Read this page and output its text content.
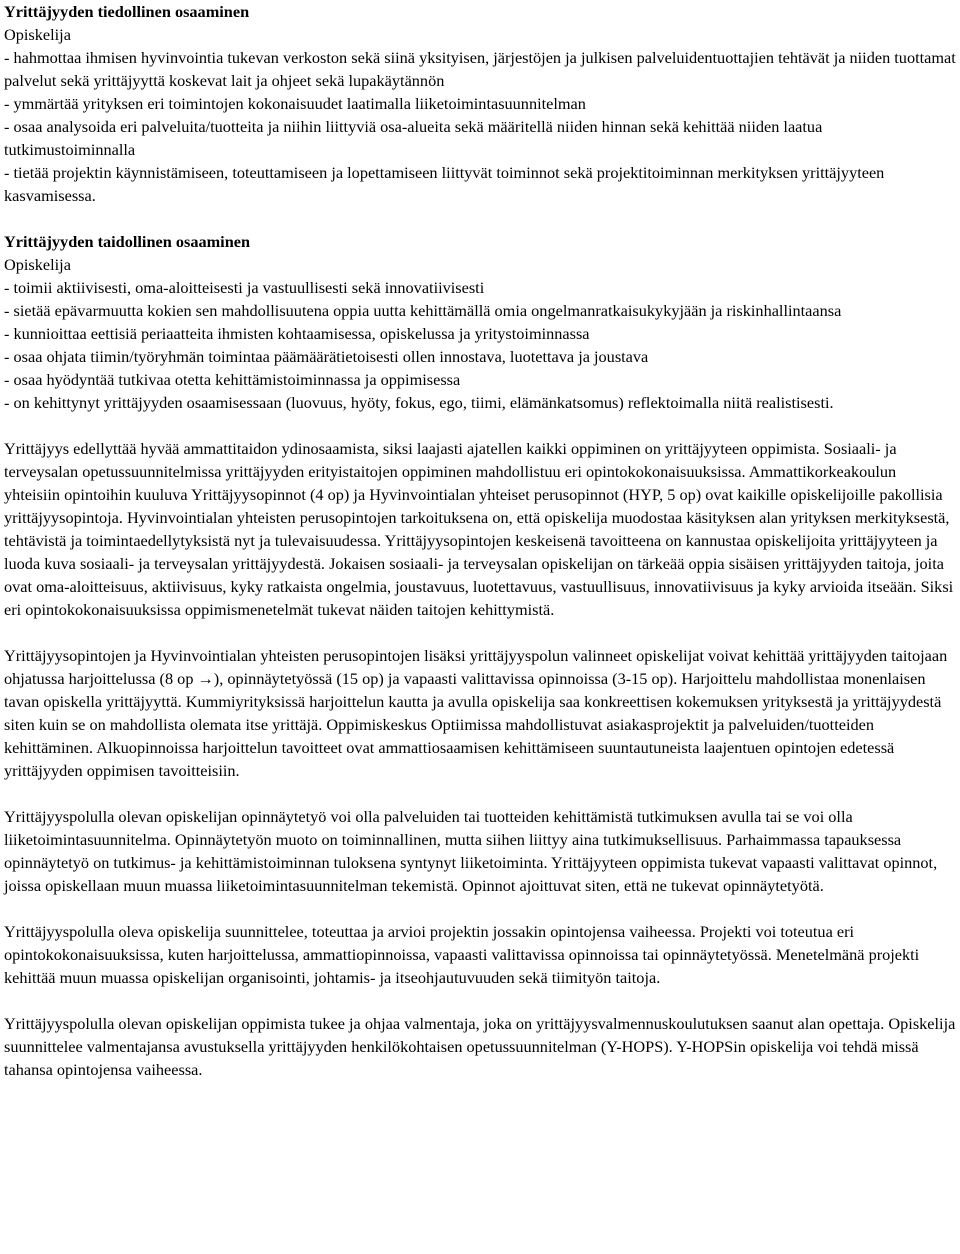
Yrittäjyyden tiedollinen osaaminen

Opiskelija

- hahmottaa ihmisen hyvinvointia tukevan verkoston sekä siinä yksityisen, järjestöjen ja julkisen palveluidentuottajien tehtävät ja niiden tuottamat palvelut sekä yrittäjyyttä koskevat lait ja ohjeet sekä lupakäytännön

- ymmärtää yrityksen eri toimintojen kokonaisuudet laatimalla liiketoimintasuunnitelman

- osaa analysoida eri palveluita/tuotteita ja niihin liittyviä osa-alueita sekä määritellä niiden hinnan sekä kehittää niiden laatua tutkimustoiminnalla

- tietää projektin käynnistämiseen, toteuttamiseen ja lopettamiseen liittyvät toiminnot sekä projektitoiminnan merkityksen yrittäjyyteen kasvamisessa.

Yrittäjyyden taidollinen osaaminen

Opiskelija

- toimii aktiivisesti, oma-aloitteisesti ja vastuullisesti sekä innovatiivisesti

- sietää epävarmuutta kokien sen mahdollisuutena oppia uutta kehittämällä omia ongelmanratkaisukykyjään ja riskinhallintaansa

- kunnioittaa eettisiä periaatteita ihmisten kohtaamisessa, opiskelussa ja yritystoiminnassa

- osaa ohjata tiimin/työryhmän toimintaa päämäärätietoisesti ollen innostava, luotettava ja joustava

- osaa hyödyntää tutkivaa otetta kehittämistoiminnassa ja oppimisessa

- on kehittynyt yrittäjyyden osaamisessaan (luovuus, hyöty, fokus, ego, tiimi, elämänkatsomus) reflektoimalla niitä realistisesti.

Yrittäjyys edellyttää hyvää ammattitaidon ydinosaamista, siksi laajasti ajatellen kaikki oppiminen on yrittäjyyteen oppimista. Sosiaali- ja terveysalan opetussuunnitelmissa yrittäjyyden erityistaitojen oppiminen mahdollistuu eri opintokokonaisuuksissa. Ammattikorkeakoulun yhteisiin opintoihin kuuluva Yrittäjyysopinnot (4 op) ja Hyvinvointialan yhteiset perusopinnot (HYP, 5 op) ovat kaikille opiskelijoille pakollisia yrittäjyysopintoja. Hyvinvointialan yhteisten perusopintojen tarkoituksena on, että opiskelija muodostaa käsityksen alan yrityksen merkityksestä, tehtävistä ja toimintaedellytyksistä nyt ja tulevaisuudessa. Yrittäjyysopintojen keskeisenä tavoitteena on kannustaa opiskelijoita yrittäjyyteen ja luoda kuva sosiaali- ja terveysalan yrittäjyydestä. Jokaisen sosiaali- ja terveysalan opiskelijan on tärkeää oppia sisäisen yrittäjyyden taitoja, joita ovat oma-aloitteisuus, aktiivisuus, kyky ratkaista ongelmia, joustavuus, luotettavuus, vastuullisuus, innovatiivisuus ja kyky arvioida itseään. Siksi eri opintokokonaisuuksissa oppimismenetelmät tukevat näiden taitojen kehittymistä.

Yrittäjyysopintojen ja Hyvinvointialan yhteisten perusopintojen lisäksi yrittäjyyspolun valinneet opiskelijat voivat kehittää yrittäjyyden taitojaan ohjatussa harjoittelussa (8 op →), opinnäytetyössä (15 op) ja vapaasti valittavissa opinnoissa (3-15 op). Harjoittelu mahdollistaa monenlaisen tavan opiskella yrittäjyyttä. Kummiyrityksissä harjoittelun kautta ja avulla opiskelija saa konkreettisen kokemuksen yrityksestä ja yrittäjyydestä siten kuin se on mahdollista olemata itse yrittäjä. Oppimiskeskus Optiimissa mahdollistuvat asiakasprojektit ja palveluiden/tuotteiden kehittäminen. Alkuopinnoissa harjoittelun tavoitteet ovat ammattiosaamisen kehittämiseen suuntautuneista laajentuen opintojen edetessä yrittäjyyden oppimisen tavoitteisiin.

Yrittäjyyspolulla olevan opiskelijan opinnäytetyö voi olla palveluiden tai tuotteiden kehittämistä tutkimuksen avulla tai se voi olla liiketoimintasuunnitelma. Opinnäytetyön muoto on toiminnallinen, mutta siihen liittyy aina tutkimuksellisuus. Parhaimmassa tapauksessa opinnäytetyö on tutkimus- ja kehittämistoiminnan tuloksena syntynyt liiketoiminta. Yrittäjyyteen oppimista tukevat vapaasti valittavat opinnot, joissa opiskellaan muun muassa liiketoimintasuunnitelman tekemistä. Opinnot ajoittuvat siten, että ne tukevat opinnäytetyötä.

Yrittäjyyspolulla oleva opiskelija suunnittelee, toteuttaa ja arvioi projektin jossakin opintojensa vaiheessa. Projekti voi toteutua eri opintokokonaisuuksissa, kuten harjoittelussa, ammattiopinnoissa, vapaasti valittavissa opinnoissa tai opinnäytetyössä. Menetelmänä projekti kehittää muun muassa opiskelijan organisointi, johtamis- ja itseohjautuvuuden sekä tiimityön taitoja.

Yrittäjyyspolulla olevan opiskelijan oppimista tukee ja ohjaa valmentaja, joka on yrittäjyysvalmennuskoulutuksen saanut alan opettaja. Opiskelija suunnittelee valmentajansa avustuksella yrittäjyyden henkilökohtaisen opetussuunnitelman (Y-HOPS). Y-HOPSin opiskelija voi tehdä missä tahansa opintojensa vaiheessa.
